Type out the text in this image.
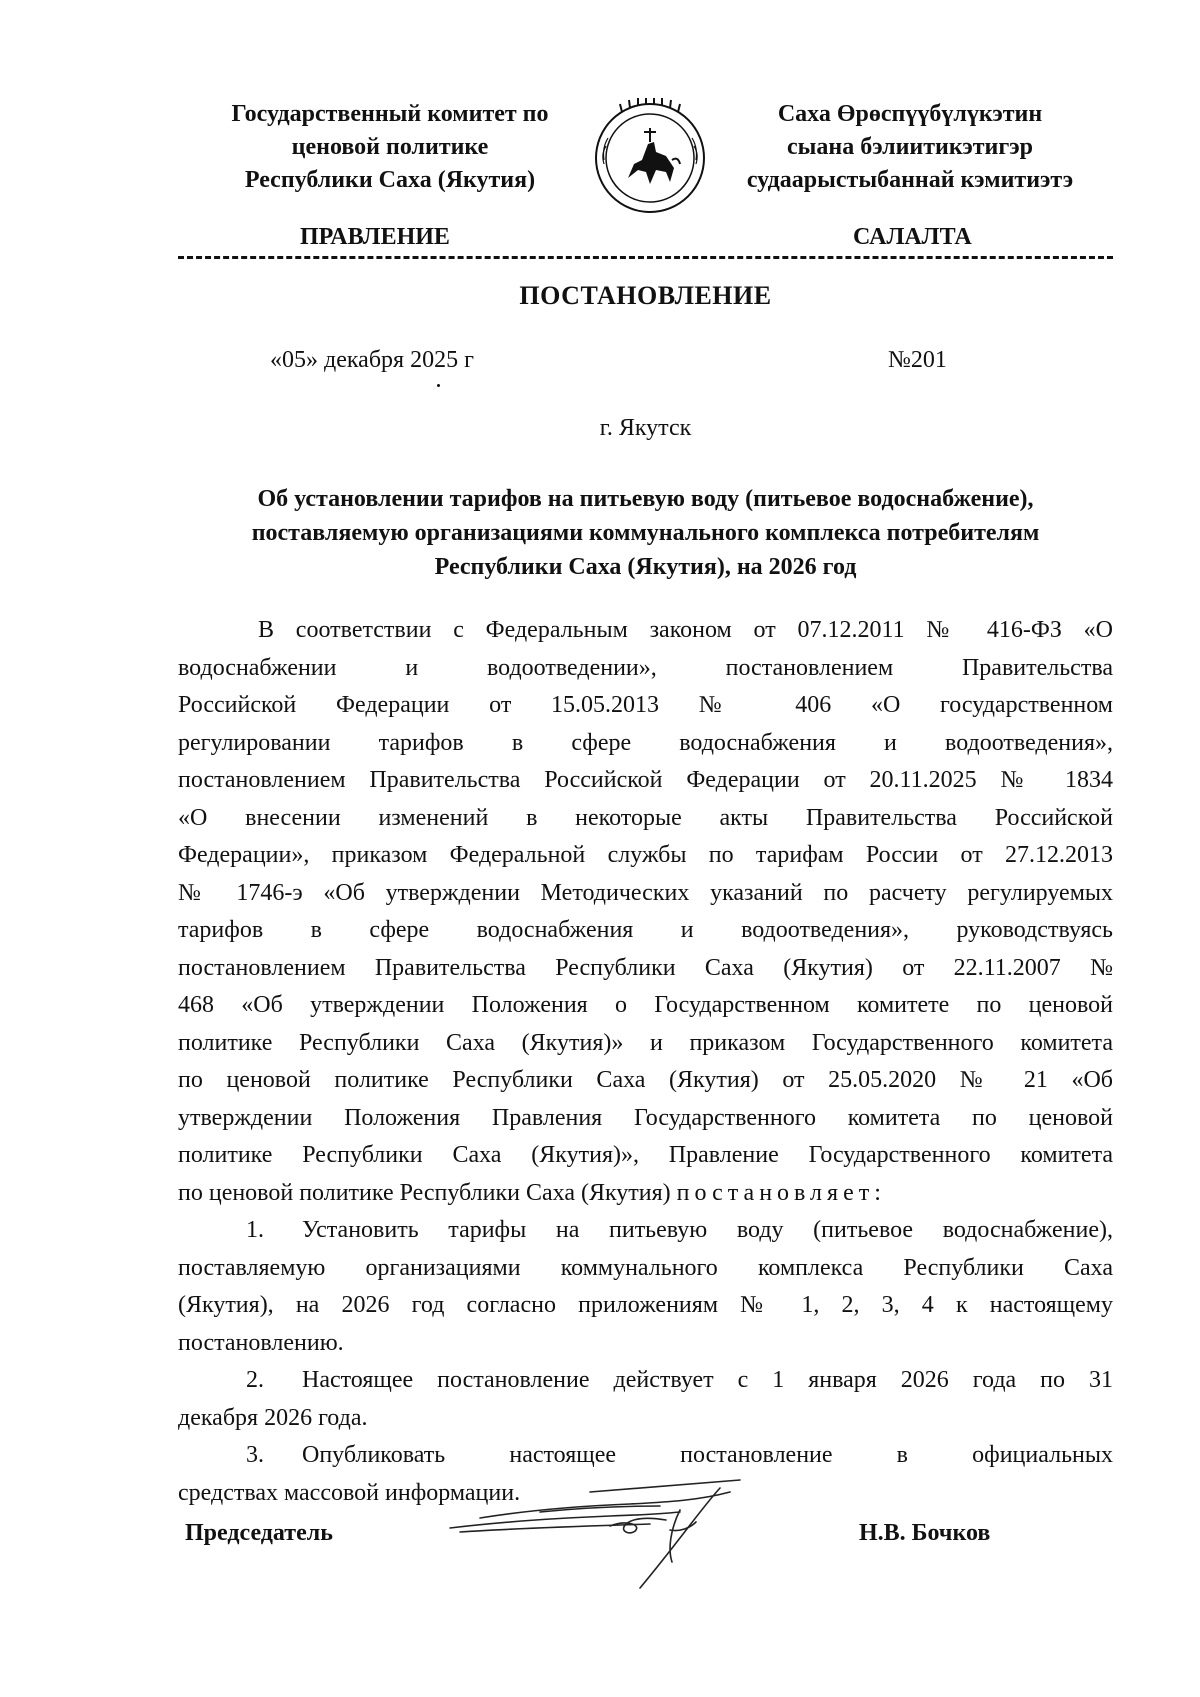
Государственный комитет по
ценовой политике
Республики Саха (Якутия)
Саха Өрөспүүбүлүкэтин
сыана бэлиитикэтигэр
судаарыстыбаннай кэмитиэтэ
ПРАВЛЕНИЕ	САЛАЛТА
ПОСТАНОВЛЕНИЕ
«05» декабря 2025 г	№201
г. Якутск
Об установлении тарифов на питьевую воду (питьевое водоснабжение),
поставляемую организациями коммунального комплекса потребителям
Республики Саха (Якутия), на 2026 год
В соответствии с Федеральным законом от 07.12.2011 № 416-ФЗ «О
водоснабжении и водоотведении», постановлением Правительства
Российской Федерации от 15.05.2013 № 406 «О государственном
регулировании тарифов в сфере водоснабжения и водоотведения»,
постановлением Правительства Российской Федерации от 20.11.2025 № 1834
«О внесении изменений в некоторые акты Правительства Российской
Федерации», приказом Федеральной службы по тарифам России от 27.12.2013
№ 1746-э «Об утверждении Методических указаний по расчету регулируемых
тарифов в сфере водоснабжения и водоотведения», руководствуясь
постановлением Правительства Республики Саха (Якутия) от 22.11.2007 №
468 «Об утверждении Положения о Государственном комитете по ценовой
политике Республики Саха (Якутия)» и приказом Государственного комитета
по ценовой политике Республики Саха (Якутия) от 25.05.2020 № 21 «Об
утверждении Положения Правления Государственного комитета по ценовой
политике Республики Саха (Якутия)», Правление Государственного комитета
по ценовой политике Республики Саха (Якутия) постановляет:
1. Установить тарифы на питьевую воду (питьевое водоснабжение),
поставляемую организациями коммунального комплекса Республики Саха
(Якутия), на 2026 год согласно приложениям № 1, 2, 3, 4 к настоящему
постановлению.
2. Настоящее постановление действует с 1 января 2026 года по 31
декабря 2026 года.
3. Опубликовать настоящее постановление в официальных
средствах массовой информации.
Председатель	Н.В. Бочков
